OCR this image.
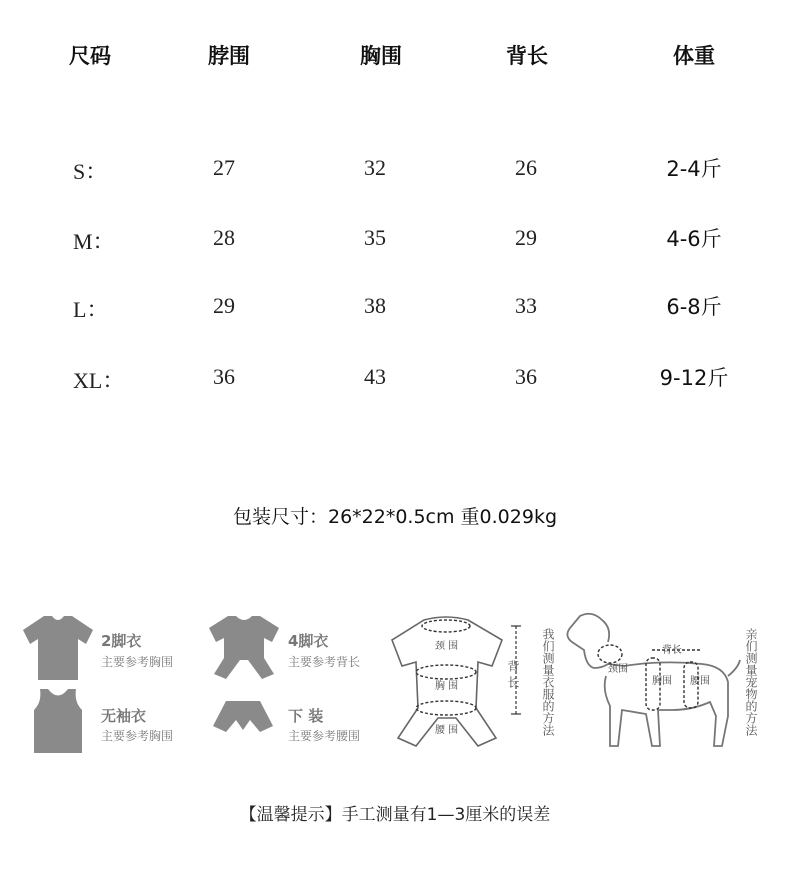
尺码	脖围	胸围	背长	体重
S：	27	32	26	2-4斤
M：	28	35	29	4-6斤
L：	29	38	33	6-8斤
XL：	36	43	36	9-12斤
包装尺寸：26*22*0.5cm 重0.029kg
2脚衣
主要参考胸围
4脚衣
主要参考背长
无袖衣
主要参考胸围
下 装
主要参考腰围
颈 围
胸 围
腰 围
背 长 我们测量衣服的方法	颈围
胸围 腰围
背长	亲们测量宠物的方法
【温馨提示】手工测量有1—3厘米的误差
